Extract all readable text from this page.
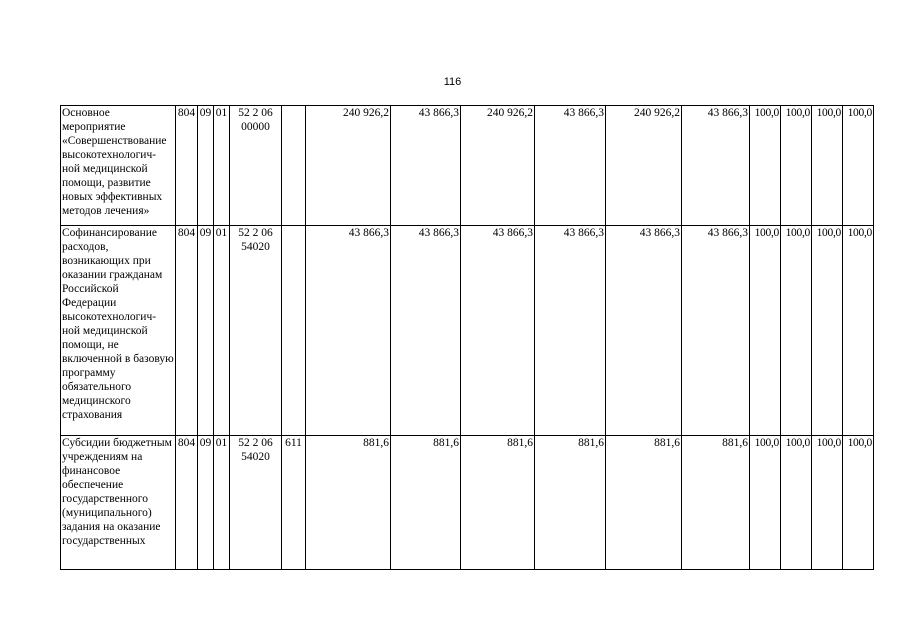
116
Основное мероприятие «Совершенствование высокотехнологич-ной медицинской помощи, развитие новых эффективных методов лечения»	804	09	01	52 2 06 00000		240 926,2	43 866,3	240 926,2	43 866,3	240 926,2	43 866,3	100,0	100,0	100,0	100,0
Софинансирование расходов, возникающих при оказании гражданам Российской Федерации высокотехнологич-ной медицинской помощи, не включенной в базовую программу обязательного медицинского страхования	804	09	01	52 2 06 54020		43 866,3	43 866,3	43 866,3	43 866,3	43 866,3	43 866,3	100,0	100,0	100,0	100,0
Субсидии бюджетным учреждениям на финансовое обеспечение государственного (муниципального) задания на оказание государственных	804	09	01	52 2 06 54020	611	881,6	881,6	881,6	881,6	881,6	881,6	100,0	100,0	100,0	100,0
